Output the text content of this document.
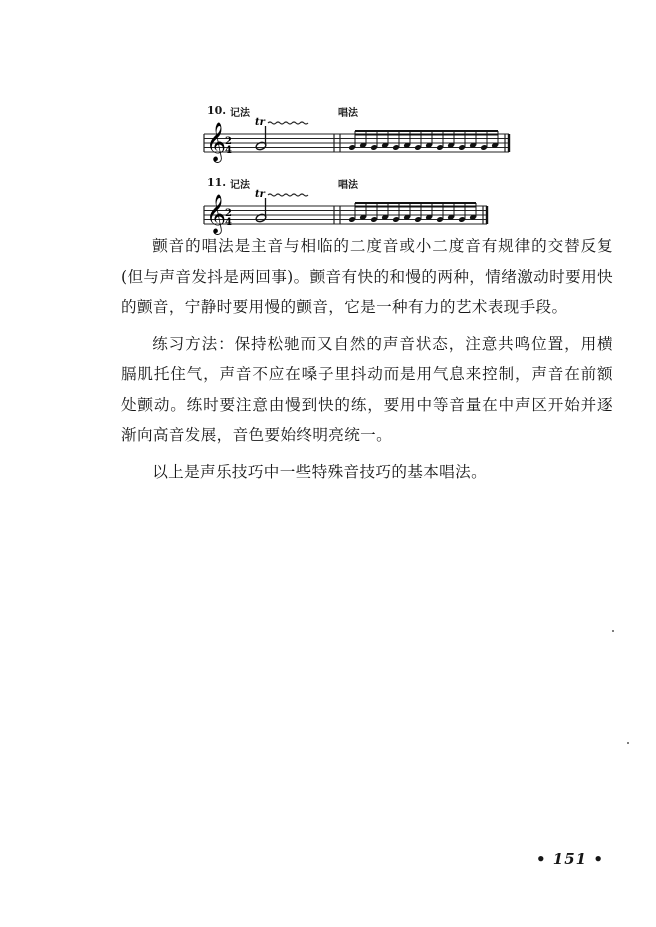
10. 记法	唱法
𝄞
2
4
tr
11. 记法	唱法
𝄞
2
4
tr

颤音的唱法是主音与相临的二度音或小二度音有规律的交替反复(但与声音发抖是两回事)。颤音有快的和慢的两种，情绪激动时要用快的颤音，宁静时要用慢的颤音，它是一种有力的艺术表现手段。

练习方法：保持松驰而又自然的声音状态，注意共鸣位置，用横膈肌托住气，声音不应在嗓子里抖动而是用气息来控制，声音在前额处颤动。练时要注意由慢到快的练，要用中等音量在中声区开始并逐渐向高音发展，音色要始终明亮统一。

以上是声乐技巧中一些特殊音技巧的基本唱法。

• 151 •
